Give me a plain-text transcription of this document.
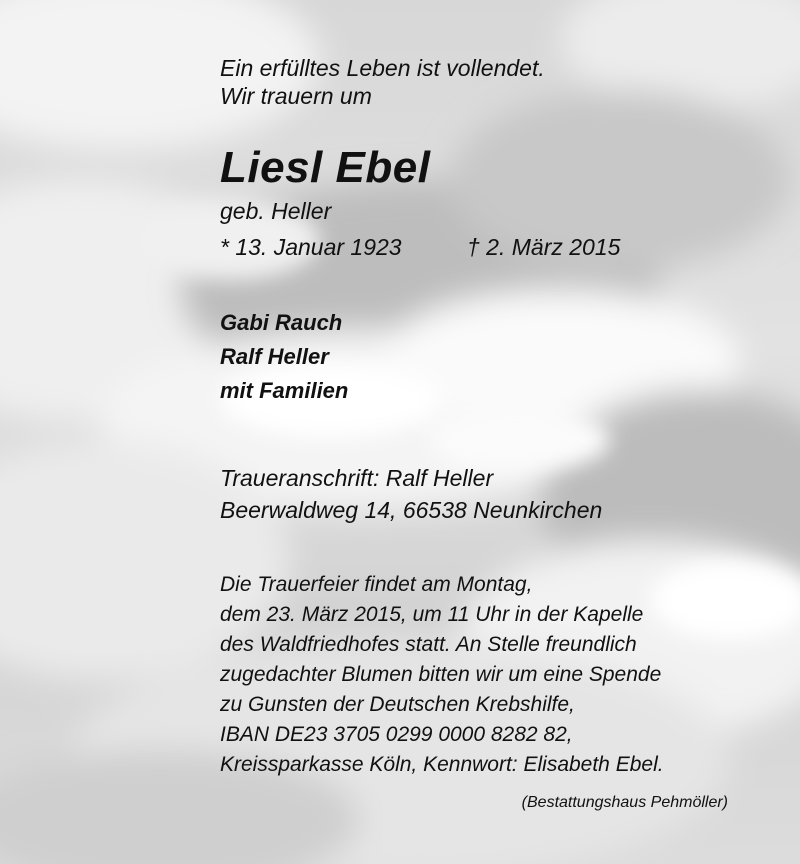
Ein erfülltes Leben ist vollendet.
Wir trauern um
Liesl Ebel
geb. Heller
* 13. Januar 1923	† 2. März 2015
Gabi Rauch
Ralf Heller
mit Familien
Traueranschrift: Ralf Heller
Beerwaldweg 14, 66538 Neunkirchen
Die Trauerfeier findet am Montag,
dem 23. März 2015, um 11 Uhr in der Kapelle
des Waldfriedhofes statt. An Stelle freundlich
zugedachter Blumen bitten wir um eine Spende
zu Gunsten der Deutschen Krebshilfe,
IBAN DE23 3705 0299 0000 8282 82,
Kreissparkasse Köln, Kennwort: Elisabeth Ebel.
(Bestattungshaus Pehmöller)
